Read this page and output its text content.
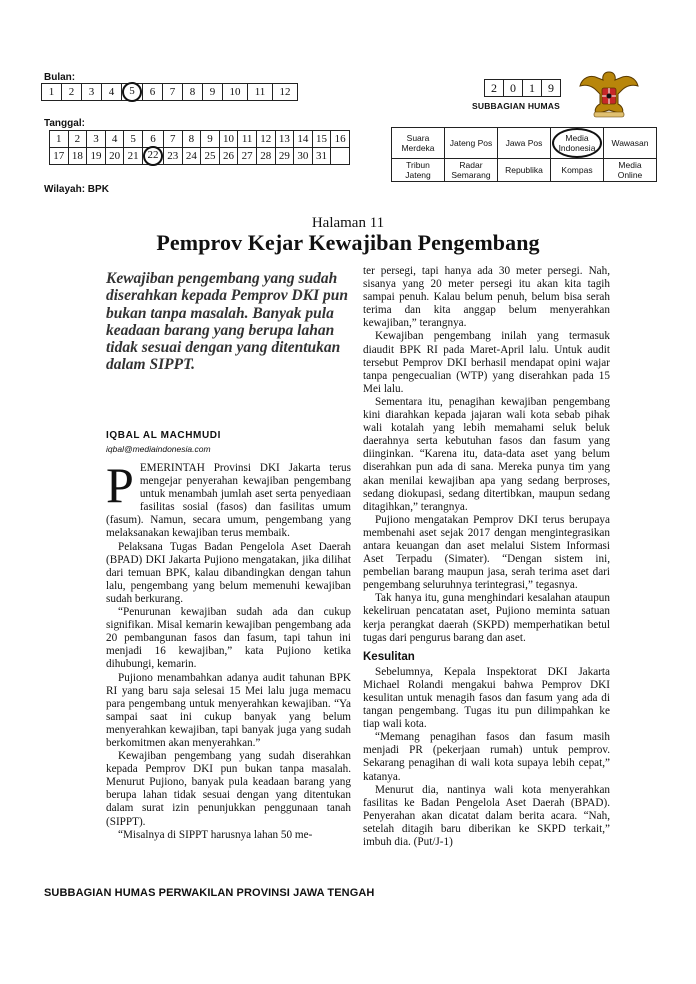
Bulan:
1	2	3	4	5	6	7	8	9	10	11	12
Tanggal:
1	2	3	4	5	6	7	8	9	10	11	12	13	14	15	16
17	18	19	20	21	22	23	24	25	26	27	28	29	30	31	
2	0	1	9
SUBBAGIAN HUMAS
Suara Merdeka	Jateng Pos	Jawa Pos	Media Indonesia	Wawasan
Tribun Jateng	Radar Semarang	Republika	Kompas	Media Online
Wilayah: BPK
Halaman 11
Pemprov Kejar Kewajiban Pengembang
Kewajiban pengembang yang sudah diserahkan kepada Pemprov DKI pun bukan tanpa masalah. Banyak pula keadaan barang yang berupa lahan tidak sesuai dengan yang ditentukan dalam SIPPT.
IQBAL AL MACHMUDI
iqbal@mediaindonesia.com

PEMERINTAH Provinsi DKI Jakarta terus mengejar penyerahan kewajiban pengembang untuk menambah jumlah aset serta penyediaan fasilitas sosial (fasos) dan fasilitas umum (fasum). Namun, secara umum, pengembang yang melaksanakan kewajiban terus membaik.

Pelaksana Tugas Badan Pengelola Aset Daerah (BPAD) DKI Jakarta Pujiono mengatakan, jika dilihat dari temuan BPK, kalau dibandingkan dengan tahun lalu, pengembang yang belum memenuhi kewajiban sudah berkurang.

“Penurunan kewajiban sudah ada dan cukup signifikan. Misal kemarin kewajiban pengembang ada 20 pembangunan fasos dan fasum, tapi tahun ini menjadi 16 kewajiban,” kata Pujiono ketika dihubungi, kemarin.

Pujiono menambahkan adanya audit tahunan BPK RI yang baru saja selesai 15 Mei lalu juga memacu para pengembang untuk menyerahkan kewajiban. “Ya sampai saat ini cukup banyak yang belum menyerahkan kewajiban, tapi banyak juga yang sudah berkomitmen akan menyerahkan.”

Kewajiban pengembang yang sudah diserahkan kepada Pemprov DKI pun bukan tanpa masalah. Menurut Pujiono, banyak pula keadaan barang yang berupa lahan tidak sesuai dengan yang ditentukan dalam surat izin penunjukkan penggunaan tanah (SIPPT).

“Misalnya di SIPPT harusnya lahan 50 me-

ter persegi, tapi hanya ada 30 meter persegi. Nah, sisanya yang 20 meter persegi itu akan kita tagih sampai penuh. Kalau belum penuh, belum bisa serah terima dan kita anggap belum menyerahkan kewajiban,” terangnya.

Kewajiban pengembang inilah yang termasuk diaudit BPK RI pada Maret-April lalu. Untuk audit tersebut Pemprov DKI berhasil mendapat opini wajar tanpa pengecualian (WTP) yang diserahkan pada 15 Mei lalu.

Sementara itu, penagihan kewajiban pengembang kini diarahkan kepada jajaran wali kota sebab pihak wali kotalah yang lebih memahami seluk beluk daerahnya serta kebutuhan fasos dan fasum yang diinginkan. “Karena itu, data-data aset yang belum diserahkan pun ada di sana. Mereka punya tim yang akan menilai kewajiban apa yang sedang berproses, sedang diokupasi, sedang ditertibkan, maupun sedang ditagihkan,” terangnya.

Pujiono mengatakan Pemprov DKI terus berupaya membenahi aset sejak 2017 dengan mengintegrasikan antara keuangan dan aset melalui Sistem Informasi Aset Terpadu (Simater). “Dengan sistem ini, pembelian barang maupun jasa, serah terima aset dari pengembang seluruhnya terintegrasi,” tegasnya.

Tak hanya itu, guna menghindari kesalahan ataupun kekeliruan pencatatan aset, Pujiono meminta satuan kerja perangkat daerah (SKPD) memperhatikan betul tugas dari pengurus barang dan aset.

Kesulitan

Sebelumnya, Kepala Inspektorat DKI Jakarta Michael Rolandi mengakui bahwa Pemprov DKI kesulitan untuk menagih fasos dan fasum yang ada di tangan pengembang. Tugas itu pun dilimpahkan ke tiap wali kota.

“Memang penagihan fasos dan fasum masih menjadi PR (pekerjaan rumah) untuk pemprov. Sekarang penagihan di wali kota supaya lebih cepat,” katanya.

Menurut dia, nantinya wali kota menyerahkan fasilitas ke Badan Pengelola Aset Daerah (BPAD). Penyerahan akan dicatat dalam berita acara. “Nah, setelah ditagih baru diberikan ke SKPD terkait,” imbuh dia. (Put/J-1)

SUBBAGIAN HUMAS PERWAKILAN PROVINSI JAWA TENGAH
